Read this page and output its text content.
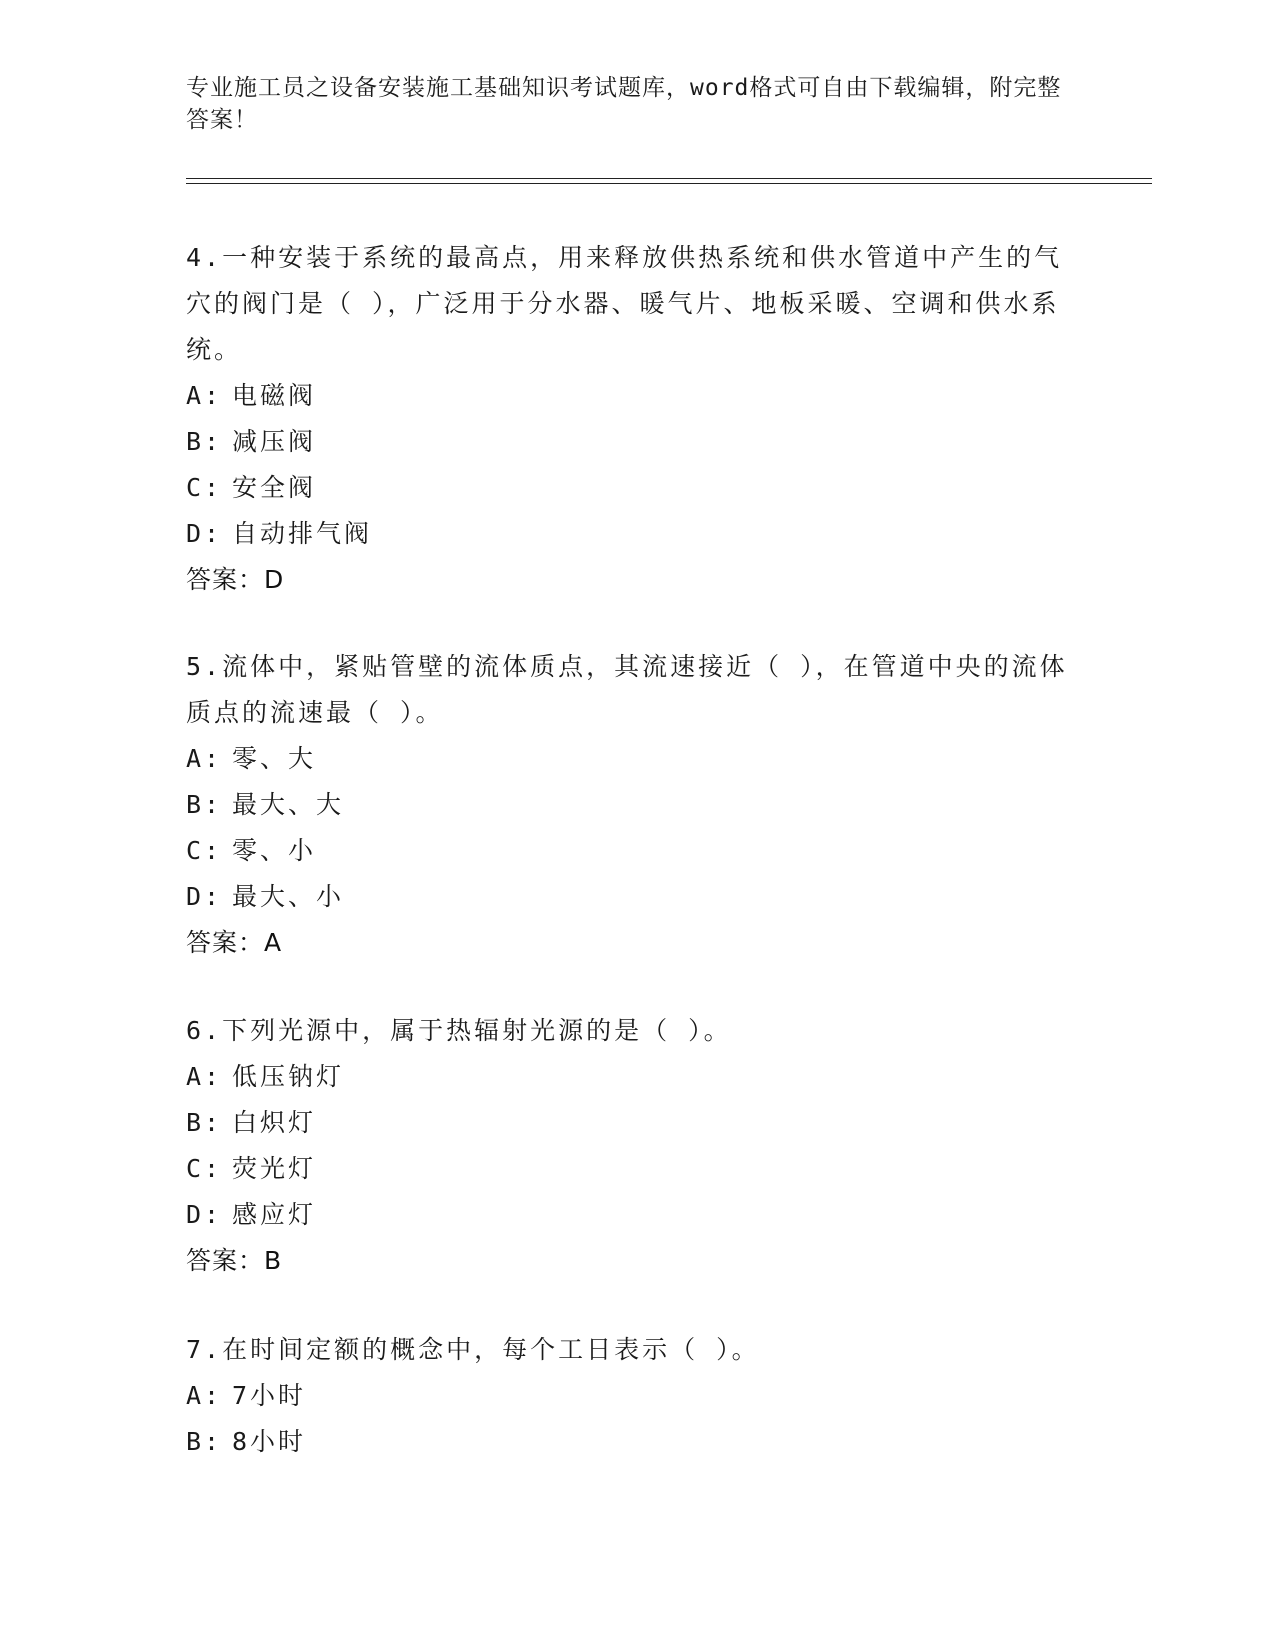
专业施工员之设备安装施工基础知识考试题库，word格式可自由下载编辑，附完整答案！
4.一种安装于系统的最高点，用来释放供热系统和供水管道中产生的气穴的阀门是（ ），广泛用于分水器、暖气片、地板采暖、空调和供水系统。
A: 电磁阀
B: 减压阀
C: 安全阀
D: 自动排气阀
答案：D
5.流体中，紧贴管壁的流体质点，其流速接近（ ），在管道中央的流体质点的流速最（ ）。
A: 零、大
B: 最大、大
C: 零、小
D: 最大、小
答案：A
6.下列光源中，属于热辐射光源的是（ ）。
A: 低压钠灯
B: 白炽灯
C: 荧光灯
D: 感应灯
答案：B
7.在时间定额的概念中，每个工日表示（ ）。
A: 7小时
B: 8小时
